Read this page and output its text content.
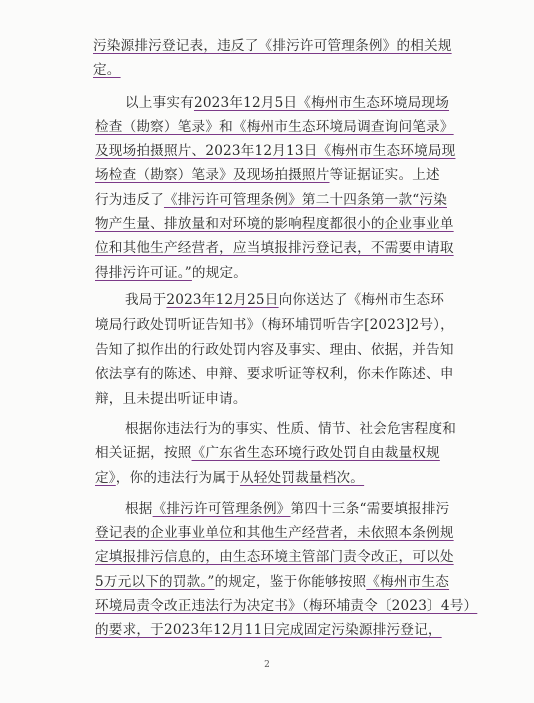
污染源排污登记表，违反了《排污许可管理条例》的相关规
定。
以上事实有2023年12月5日《梅州市生态环境局现场
检查（勘察）笔录》和《梅州市生态环境局调查询问笔录》
及现场拍摄照片、2023年12月13日《梅州市生态环境局现
场检查（勘察）笔录》及现场拍摄照片等证据证实。上述
行为违反了《排污许可管理条例》第二十四条第一款“污染
物产生量、排放量和对环境的影响程度都很小的企业事业单
位和其他生产经营者，应当填报排污登记表，不需要申请取
得排污许可证。”的规定。
我局于2023年12月25日向你送达了《梅州市生态环
境局行政处罚听证告知书》（梅环埔罚听告字[2023]2号），
告知了拟作出的行政处罚内容及事实、理由、依据，并告知
依法享有的陈述、申辩、要求听证等权利，你未作陈述、申
辩，且未提出听证申请。
根据你违法行为的事实、性质、情节、社会危害程度和
相关证据，按照《广东省生态环境行政处罚自由裁量权规
定》，你的违法行为属于从轻处罚裁量档次。
根据《排污许可管理条例》第四十三条“需要填报排污
登记表的企业事业单位和其他生产经营者，未依照本条例规
定填报排污信息的，由生态环境主管部门责令改正，可以处
5万元以下的罚款。”的规定，鉴于你能够按照《梅州市生态
环境局责令改正违法行为决定书》（梅环埔责令〔2023〕4号）
的要求，于2023年12月11日完成固定污染源排污登记，
2
